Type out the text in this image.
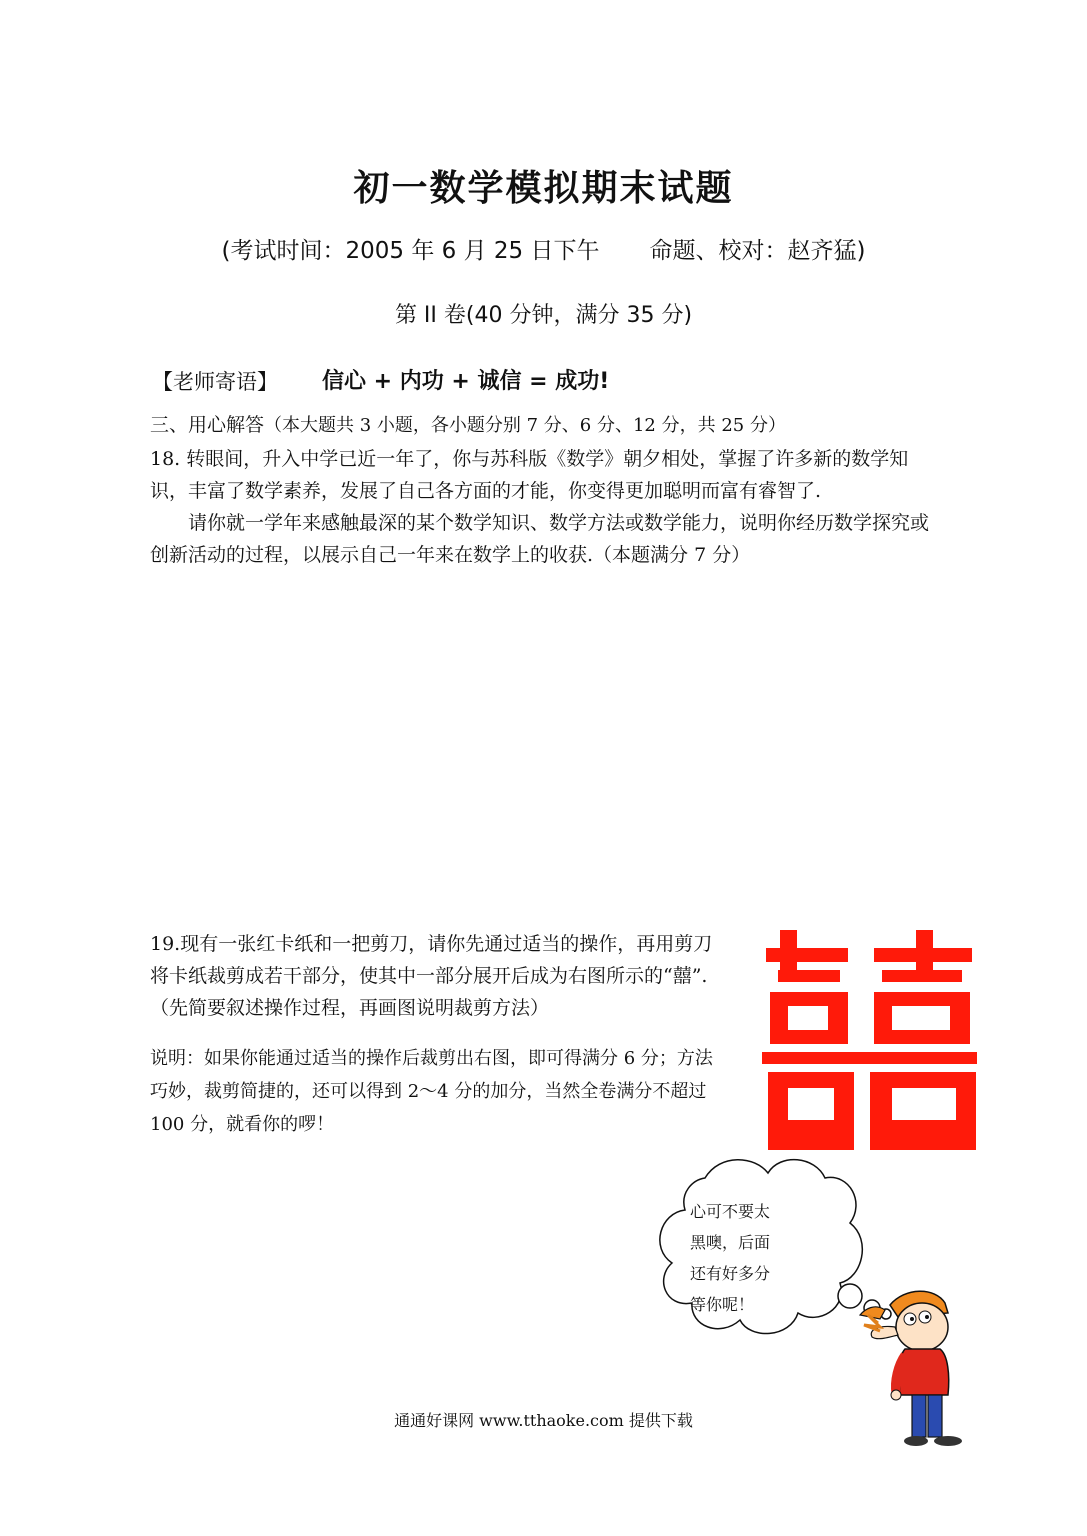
初一数学模拟期末试题
(考试时间：2005 年 6 月 25 日下午 命题、校对：赵齐猛)
第 II 卷(40 分钟，满分 35 分)
【老师寄语】 信心 + 内功 + 诚信 = 成功!
三、用心解答（本大题共 3 小题，各小题分别 7 分、6 分、12 分，共 25 分）

18. 转眼间，升入中学已近一年了，你与苏科版《数学》朝夕相处，掌握了许多新的数学知识，丰富了数学素养，发展了自己各方面的才能，你变得更加聪明而富有睿智了.

请你就一学年来感触最深的某个数学知识、数学方法或数学能力，说明你经历数学探究或创新活动的过程，以展示自己一年来在数学上的收获.（本题满分 7 分）

19.现有一张红卡纸和一把剪刀，请你先通过适当的操作，再用剪刀将卡纸裁剪成若干部分，使其中一部分展开后成为右图所示的“囍”.（先简要叙述操作过程，再画图说明裁剪方法）

说明：如果你能通过适当的操作后裁剪出右图，即可得满分 6 分；方法巧妙，裁剪简捷的，还可以得到 2～4 分的加分，当然全卷满分不超过 100 分，就看你的啰！
心可不要太
黑噢，后面
还有好多分
等你呢！
通通好课网 www.tthaoke.com 提供下载
